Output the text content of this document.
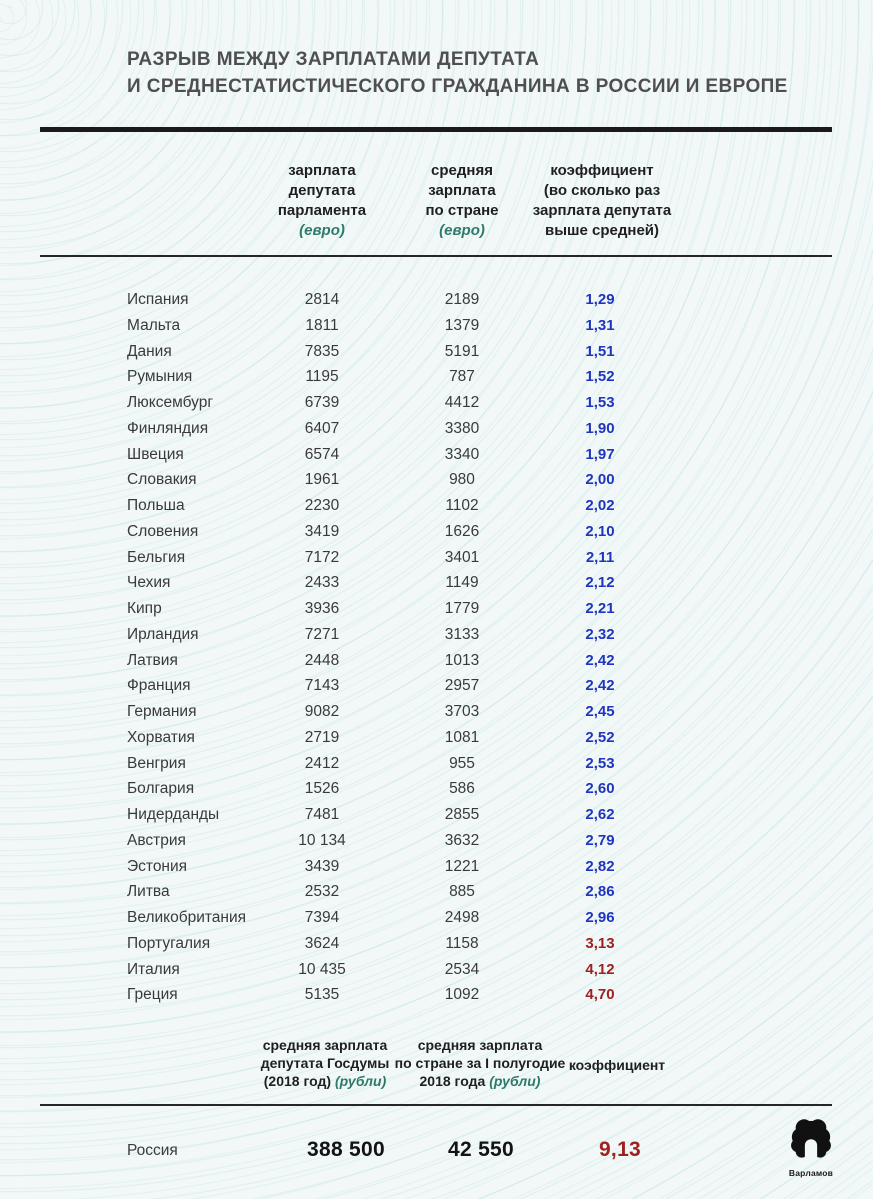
РАЗРЫВ МЕЖДУ ЗАРПЛАТАМИ ДЕПУТАТА
И СРЕДНЕСТАТИСТИЧЕСКОГО ГРАЖДАНИНА В РОССИИ И ЕВРОПЕ
зарплата
депутата
парламента
(евро)
средняя
зарплата
по стране
(евро)
коэффициент
(во сколько раз
зарплата депутата
выше средней)
Испания	2814	2189	1,29
Мальта	1811	1379	1,31
Дания	7835	5191	1,51
Румыния	1195	787	1,52
Люксембург	6739	4412	1,53
Финляндия	6407	3380	1,90
Швеция	6574	3340	1,97
Словакия	1961	980	2,00
Польша	2230	1102	2,02
Словения	3419	1626	2,10
Бельгия	7172	3401	2,11
Чехия	2433	1149	2,12
Кипр	3936	1779	2,21
Ирландия	7271	3133	2,32
Латвия	2448	1013	2,42
Франция	7143	2957	2,42
Германия	9082	3703	2,45
Хорватия	2719	1081	2,52
Венгрия	2412	955	2,53
Болгария	1526	586	2,60
Нидерданды	7481	2855	2,62
Австрия	10 134	3632	2,79
Эстония	3439	1221	2,82
Литва	2532	885	2,86
Великобритания	7394	2498	2,96
Португалия	3624	1158	3,13
Италия	10 435	2534	4,12
Греция	5135	1092	4,70
средняя зарплата
депутата Госдумы
(2018 год) (рубли)
средняя зарплата
по стране за I полугодие
2018 года (рубли)
коэффициент
Россия	388 500	42 550	9,13
Варламов
